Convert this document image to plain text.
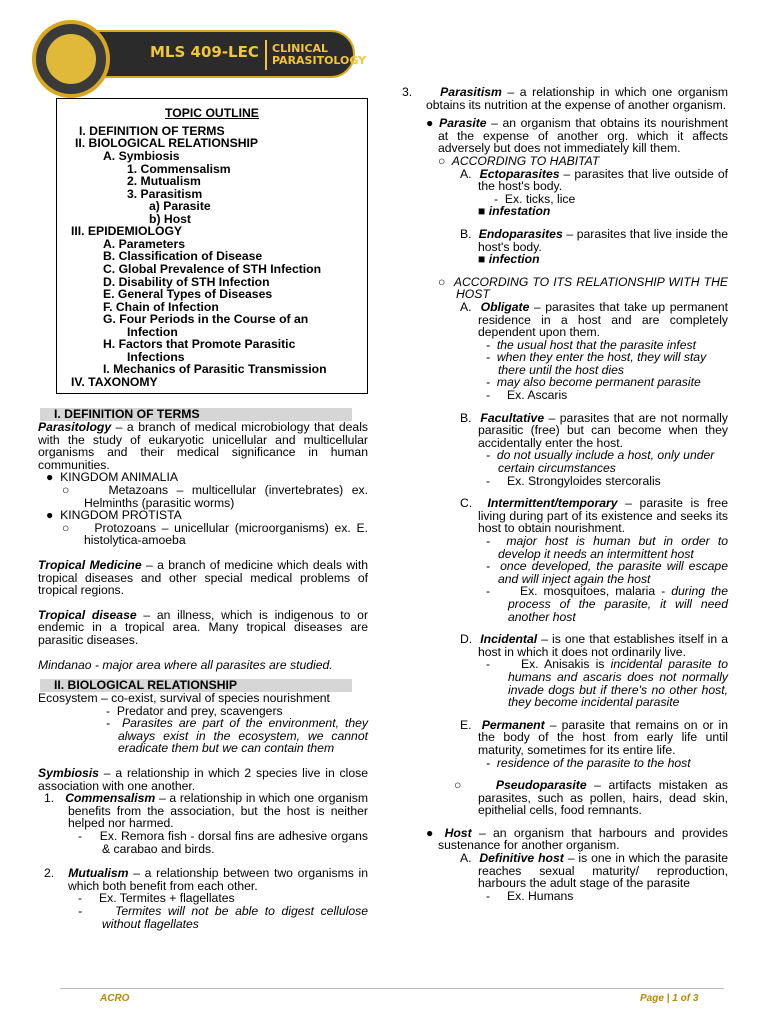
MLS 409-LEC CLINICAL
PARASITOLOGY
TOPIC OUTLINE
I. DEFINITION OF TERMS
II. BIOLOGICAL RELATIONSHIP
A. Symbiosis
1. Commensalism
2. Mutualism
3. Parasitism
a) Parasite
b) Host
III. EPIDEMIOLOGY
A. Parameters
B. Classification of Disease
C. Global Prevalence of STH Infection
D. Disability of STH Infection
E. General Types of Diseases
F. Chain of Infection
G. Four Periods in the Course of an
Infection
H. Factors that Promote Parasitic
Infections
I. Mechanics of Parasitic Transmission
IV. TAXONOMY
I. DEFINITION OF TERMS

Parasitology – a branch of medical microbiology that deals with the study of eukaryotic unicellular and multicellular organisms and their medical significance in human communities.

●  KINGDOM ANIMALIA
○    Metazoans – multicellular (invertebrates) ex. Helminths (parasitic worms)
●  KINGDOM PROTISTA
○    Protozoans – unicellular (microorganisms) ex. E. histolytica-amoeba

Tropical Medicine – a branch of medicine which deals with tropical diseases and other special medical problems of tropical regions.

Tropical disease – an illness, which is indigenous to or endemic in a tropical area. Many tropical diseases are parasitic diseases.

Mindanao - major area where all parasites are studied.

II. BIOLOGICAL RELATIONSHIP

Ecosystem – co-exist, survival of species nourishment

-  Predator and prey, scavengers
-  Parasites are part of the environment, they always exist in the ecosystem, we cannot eradicate them but we can contain them

Symbiosis – a relationship in which 2 species live in close association with one another.

1.   Commensalism – a relationship in which one organism benefits from the association, but the host is neither helped nor harmed.
-     Ex. Remora fish - dorsal fins are adhesive organs & carabao and birds.
2.   Mutualism – a relationship between two organisms in which both benefit from each other.
-     Ex. Termites + flagellates
-     Termites will not be able to digest cellulose without flagellates
3. Parasitism – a relationship in which one organism obtains its nutrition at the expense of another organism.
● Parasite – an organism that obtains its nourishment at the expense of another org. which it affects adversely but does not immediately kill them.
○  ACCORDING TO HABITAT
A.  Ectoparasites – parasites that live outside of the host's body.
-  Ex. ticks, lice
■ infestation
B.  Endoparasites – parasites that live inside the host's body.
■ infection
○  ACCORDING TO ITS RELATIONSHIP WITH THE HOST
A.  Obligate – parasites that take up permanent residence in a host and are completely dependent upon them.
-  the usual host that the parasite infest
-  when they enter the host, they will stay there until the host dies
-  may also become permanent parasite
-     Ex. Ascaris
B.  Facultative – parasites that are not normally parasitic (free) but can become when they accidentally enter the host.
-  do not usually include a host, only under certain circumstances
-     Ex. Strongyloides stercoralis
C.  Intermittent/temporary – parasite is free living during part of its existence and seeks its host to obtain nourishment.
-  major host is human but in order to develop it needs an intermittent host
-  once developed, the parasite will escape and will inject again the host
-     Ex. mosquitoes, malaria - during the process of the parasite, it will need another host
D.  Incidental – is one that establishes itself in a host in which it does not ordinarily live.
-     Ex. Anisakis is incidental parasite to humans and ascaris does not normally invade dogs but if there's no other host, they become incidental parasite
E.  Permanent – parasite that remains on or in the body of the host from early life until maturity, sometimes for its entire life.
-  residence of the parasite to the host
○    Pseudoparasite – artifacts mistaken as parasites, such as pollen, hairs, dead skin, epithelial cells, food remnants.
● Host – an organism that harbours and provides sustenance for another organism.
A.  Definitive host – is one in which the parasite reaches sexual maturity/ reproduction, harbours the adult stage of the parasite
-     Ex. Humans
ACRO	Page | 1 of 3
